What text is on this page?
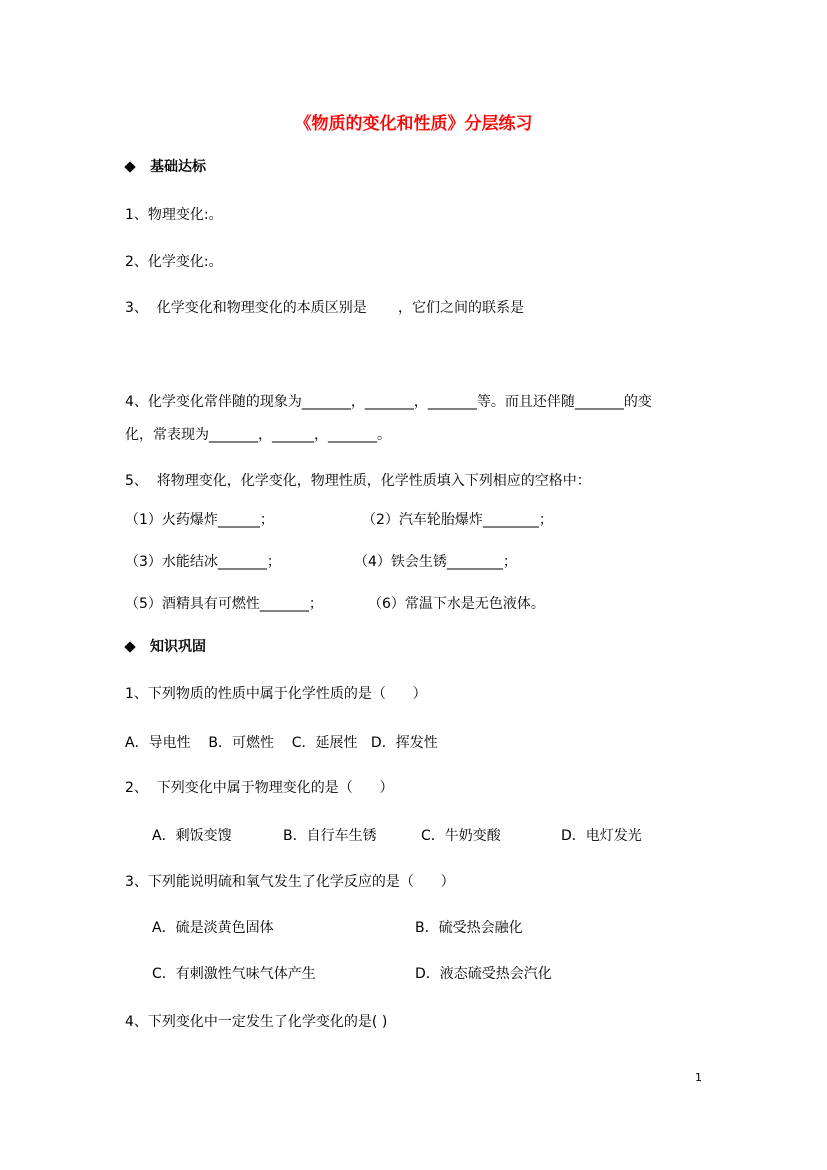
《物质的变化和性质》分层练习
基础达标
1、物理变化:。
2、化学变化:。
3、  化学变化和物理变化的本质区别是       ，它们之间的联系是
4、化学变化常伴随的现象为_______，_______，_______等。而且还伴随_______的变
化，常表现为_______，______，_______。
5、  将物理变化，化学变化，物理性质，化学性质填入下列相应的空格中：
（1）火药爆炸______；	（2）汽车轮胎爆炸________；
（3）水能结冰_______；	（4）铁会生锈________；
（5）酒精具有可燃性_______；	（6）常温下水是无色液体。
知识巩固
1、下列物质的性质中属于化学性质的是（      ）
A．导电性    B．可燃性    C．延展性   D．挥发性
2、  下列变化中属于物理变化的是（      ）
A．剩饭变馊	B．自行车生锈	C．牛奶变酸	D．电灯发光
3、下列能说明硫和氧气发生了化学反应的是（      ）
A．硫是淡黄色固体	B．硫受热会融化
C．有刺激性气味气体产生	D．液态硫受热会汽化
4、下列变化中一定发生了化学变化的是( )
1
